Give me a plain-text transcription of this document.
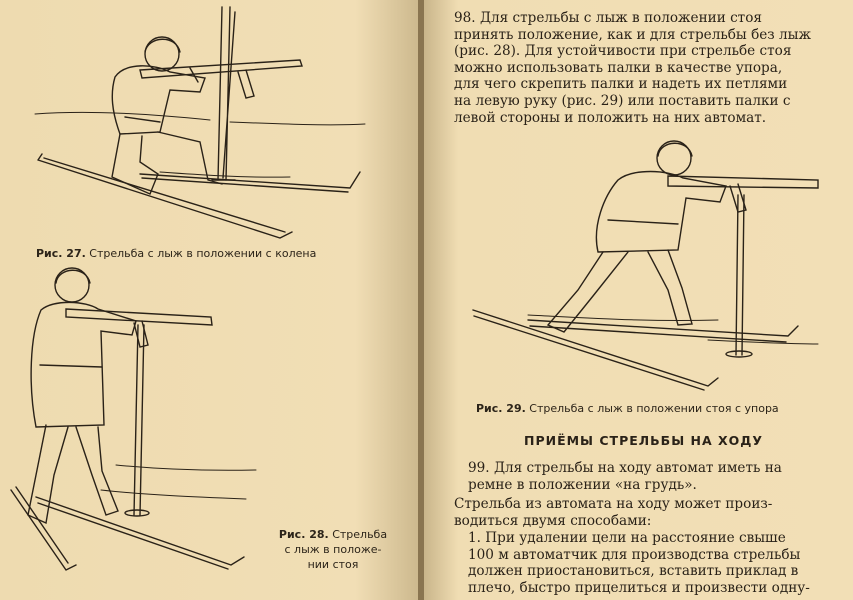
Рис. 27. Стрельба с лыж в положении с колена
Рис. 28. Стрельба
с лыж в положе-
нии стоя
98. Для стрельбы с лыж в положении стоя
принять положение, как и для стрельбы без лыж
(рис. 28). Для устойчивости при стрельбе стоя
можно использовать палки в качестве упора,
для чего скрепить палки и надеть их петлями
на левую руку (рис. 29) или поставить палки с
левой стороны и положить на них автомат.
Рис. 29. Стрельба с лыж в положении стоя с упора
ПРИЁМЫ СТРЕЛЬБЫ НА ХОДУ
99. Для стрельбы на ходу автомат иметь на
ремне в положении «на грудь».
Стрельба из автомата на ходу может произ-
водиться двумя способами:
1. При удалении цели на расстояние свыше
100 м автоматчик для производства стрельбы
должен приостановиться, вставить приклад в
плечо, быстро прицелиться и произвести одну-
